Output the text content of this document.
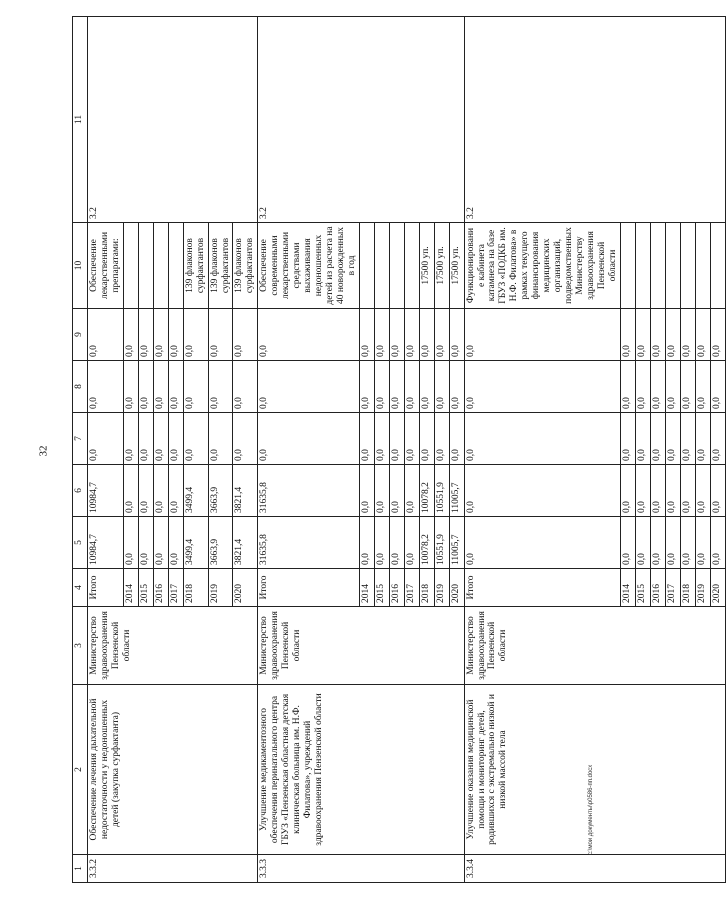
32
1	2	3	4	5	6	7	8	9	10	11
3.3.2	Обеспечение лечения дыхательной недостаточности у недоношенных детей (закупка сурфактанта)	Министерство здравоохранения Пензенской области	Итого	10984,7	10984,7	0,0	0,0	0,0	Обеспечение лекарственными препаратами:	3.2
			2014	0,0	0,0	0,0	0,0	0,0		
			2015	0,0	0,0	0,0	0,0	0,0		
			2016	0,0	0,0	0,0	0,0	0,0		
			2017	0,0	0,0	0,0	0,0	0,0		
			2018	3499,4	3499,4	0,0	0,0	0,0	139 флаконов сурфактантов	
			2019	3663,9	3663,9	0,0	0,0	0,0	139 флаконов сурфактантов	
			2020	3821,4	3821,4	0,0	0,0	0,0	139 флаконов сурфактантов	
3.3.3	Улучшение медикаментозного обеспечения перинатального центра ГБУЗ «Пензенская областная детская клиническая больница им. Н.Ф. Филатова», учреждений здравоохранения Пензенской области	Министерство здравоохранения Пензенской области	Итого	31635,8	31635,8	0,0	0,0	0,0	Обеспечение современными лекарственными средствами выхаживания недоношенных детей из расчета на 40 новорожденных в год	3.2
			2014	0,0	0,0	0,0	0,0	0,0		
			2015	0,0	0,0	0,0	0,0	0,0		
			2016	0,0	0,0	0,0	0,0	0,0		
			2017	0,0	0,0	0,0	0,0	0,0		
			2018	10078,2	10078,2	0,0	0,0	0,0	17500 уп.	
			2019	10551,9	10551,9	0,0	0,0	0,0	17500 уп.	
			2020	11005,7	11005,7	0,0	0,0	0,0	17500 уп.	
3.3.4	Улучшение оказания медицинской помощи и мониторинг детей, родившихся с экстремально низкой и низкой массой тела	Министерство здравоохранения Пензенской области	Итого	0,0	0,0	0,0	0,0	0,0	Функционирование кабинета катамнеза на базе ГБУЗ «ПОДКБ им. Н.Ф. Филатова» в рамках текущего финансирования медицинских организаций, подведомственных Министерству здравоохранения Пензенской области	3.2
			2014	0,0	0,0	0,0	0,0	0,0		
			2015	0,0	0,0	0,0	0,0	0,0		
			2016	0,0	0,0	0,0	0,0	0,0		
			2017	0,0	0,0	0,0	0,0	0,0		
			2018	0,0	0,0	0,0	0,0	0,0		
			2019	0,0	0,0	0,0	0,0	0,0		
			2020	0,0	0,0	0,0	0,0	0,0		
c:\мои документы\p0586-пп.docx
